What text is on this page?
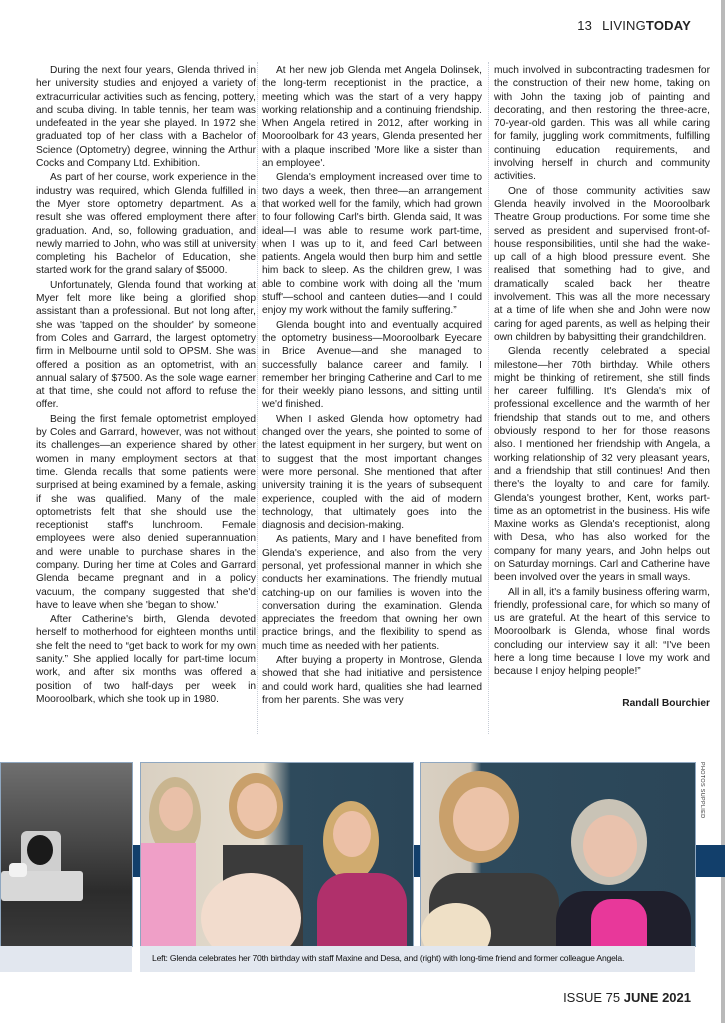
13 LIVINGTODAY

During the next four years, Glenda thrived in her university studies and enjoyed a variety of extracurricular activities such as fencing, pottery, and scuba diving. In table tennis, her team was undefeated in the year she played. In 1972 she graduated top of her class with a Bachelor of Science (Optometry) degree, winning the Arthur Cocks and Company Ltd. Exhibition.

As part of her course, work experience in the industry was required, which Glenda fulfilled in the Myer store optometry department. As a result she was offered employment there after graduation. And, so, following graduation, and newly married to John, who was still at university completing his Bachelor of Education, she started work for the grand salary of $5000.

Unfortunately, Glenda found that working at Myer felt more like being a glorified shop assistant than a professional. But not long after, she was 'tapped on the shoulder' by someone from Coles and Garrard, the largest optometry firm in Melbourne until sold to OPSM. She was offered a position as an optometrist, with an annual salary of $7500. As the sole wage earner at that time, she could not afford to refuse the offer.

Being the first female optometrist employed by Coles and Garrard, however, was not without its challenges—an experience shared by other women in many employment sectors at that time. Glenda recalls that some patients were surprised at being examined by a female, asking if she was qualified. Many of the male optometrists felt that she should use the receptionist staff's lunchroom. Female employees were also denied superannuation and were unable to purchase shares in the company. During her time at Coles and Garrard Glenda became pregnant and in a policy vacuum, the company suggested that she'd have to leave when she 'began to show.'

After Catherine's birth, Glenda devoted herself to motherhood for eighteen months until she felt the need to “get back to work for my own sanity.” She applied locally for part-time locum work, and after six months was offered a position of two half-days per week in Mooroolbark, which she took up in 1980.

At her new job Glenda met Angela Dolinsek, the long-term receptionist in the practice, a meeting which was the start of a very happy working relationship and a continuing friendship. When Angela retired in 2012, after working in Mooroolbark for 43 years, Glenda presented her with a plaque inscribed 'More like a sister than an employee'.

Glenda's employment increased over time to two days a week, then three—an arrangement that worked well for the family, which had grown to four following Carl's birth. Glenda said, It was ideal—I was able to resume work part-time, when I was up to it, and feed Carl between patients. Angela would then burp him and settle him back to sleep. As the children grew, I was able to combine work with doing all the 'mum stuff'—school and canteen duties—and I could enjoy my work without the family suffering.”

Glenda bought into and eventually acquired the optometry business—Mooroolbark Eyecare in Brice Avenue—and she managed to successfully balance career and family. I remember her bringing Catherine and Carl to me for their weekly piano lessons, and sitting until we'd finished.

When I asked Glenda how optometry had changed over the years, she pointed to some of the latest equipment in her surgery, but went on to suggest that the most important changes were more personal. She mentioned that after university training it is the years of subsequent experience, coupled with the aid of modern technology, that ultimately goes into the diagnosis and decision-making.

As patients, Mary and I have benefited from Glenda's experience, and also from the very personal, yet professional manner in which she conducts her examinations. The friendly mutual catching-up on our families is woven into the conversation during the examination. Glenda appreciates the freedom that owning her own practice brings, and the flexibility to spend as much time as needed with her patients.

After buying a property in Montrose, Glenda showed that she had initiative and persistence and could work hard, qualities she had learned from her parents. She was very

much involved in subcontracting tradesmen for the construction of their new home, taking on with John the taxing job of painting and decorating, and then restoring the three-acre, 70-year-old garden. This was all while caring for family, juggling work commitments, fulfilling continuing education requirements, and involving herself in church and community activities.

One of those community activities saw Glenda heavily involved in the Mooroolbark Theatre Group productions. For some time she served as president and supervised front-of-house responsibilities, until she had the wake-up call of a high blood pressure event. She realised that something had to give, and dramatically scaled back her theatre involvement. This was all the more necessary at a time of life when she and John were now caring for aged parents, as well as helping their own children by babysitting their grandchildren.

Glenda recently celebrated a special milestone—her 70th birthday. While others might be thinking of retirement, she still finds her career fulfilling. It's Glenda's mix of professional excellence and the warmth of her friendship that stands out to me, and others obviously respond to her for those reasons also. I mentioned her friendship with Angela, a working relationship of 32 very pleasant years, and a friendship that still continues! And then there's the loyalty to and care for family. Glenda's youngest brother, Kent, works part-time as an optometrist in the business. His wife Maxine works as Glenda's receptionist, along with Desa, who has also worked for the company for many years, and John helps out on Saturday mornings. Carl and Catherine have been involved over the years in small ways.

All in all, it's a family business offering warm, friendly, professional care, for which so many of us are grateful. At the heart of this service to Mooroolbark is Glenda, whose final words concluding our interview say it all: “I've been here a long time because I love my work and because I enjoy helping people!”

Randall Bourchier

PHOTOS SUPPLIED
Left: Glenda celebrates her 70th birthday with staff Maxine and Desa, and (right) with long-time friend and former colleague Angela.
ISSUE 75 JUNE 2021
